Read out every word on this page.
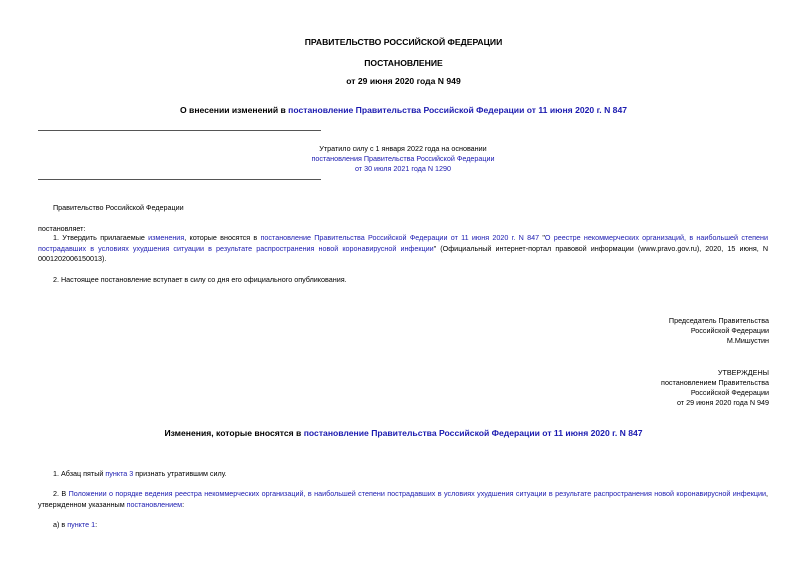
ПРАВИТЕЛЬСТВО РОССИЙСКОЙ ФЕДЕРАЦИИ
ПОСТАНОВЛЕНИЕ
от 29 июня 2020 года N 949
О внесении изменений в постановление Правительства Российской Федерации от 11 июня 2020 г. N 847
Утратило силу с 1 января 2022 года на основании
постановления Правительства Российской Федерации
от 30 июля 2021 года N 1290
Правительство Российской Федерации
постановляет:
1. Утвердить прилагаемые изменения, которые вносятся в постановление Правительства Российской Федерации от 11 июня 2020 г. N 847 "О реестре некоммерческих организаций, в наибольшей степени пострадавших в условиях ухудшения ситуации в результате распространения новой коронавирусной инфекции" (Официальный интернет-портал правовой информации (www.pravo.gov.ru), 2020, 15 июня, N 0001202006150013).
2. Настоящее постановление вступает в силу со дня его официального опубликования.
Председатель Правительства
Российской Федерации
М.Мишустин
УТВЕРЖДЕНЫ
постановлением Правительства
Российской Федерации
от 29 июня 2020 года N 949
Изменения, которые вносятся в постановление Правительства Российской Федерации от 11 июня 2020 г. N 847
1. Абзац пятый пункта 3 признать утратившим силу.
2. В Положении о порядке ведения реестра некоммерческих организаций, в наибольшей степени пострадавших в условиях ухудшения ситуации в результате распространения новой коронавирусной инфекции, утвержденном указанным постановлением:
а) в пункте 1:
